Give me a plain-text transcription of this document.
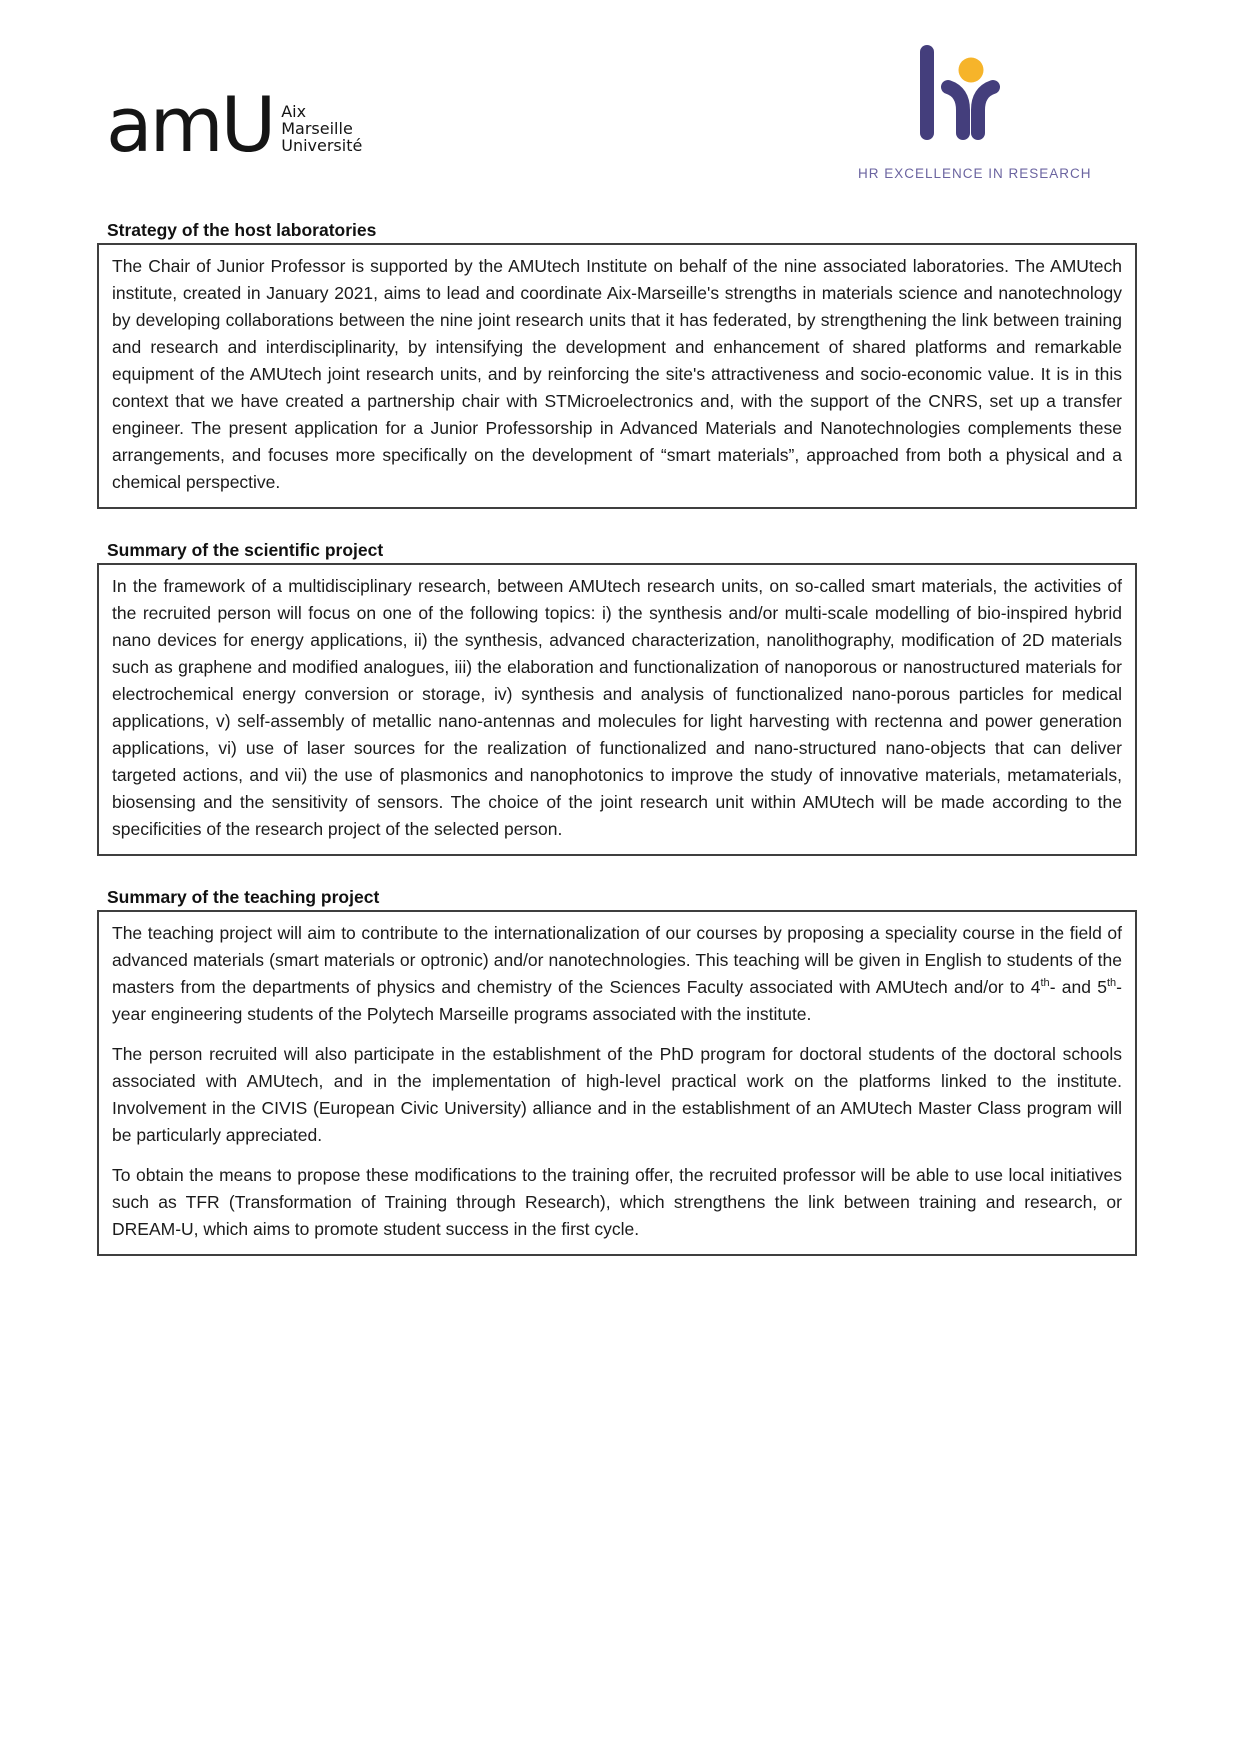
amU Aix
Marseille
Université
HR EXCELLENCE IN RESEARCH
Strategy of the host laboratories

The Chair of Junior Professor is supported by the AMUtech Institute on behalf of the nine associated laboratories. The AMUtech institute, created in January 2021, aims to lead and coordinate Aix-Marseille's strengths in materials science and nanotechnology by developing collaborations between the nine joint research units that it has federated, by strengthening the link between training and research and interdisciplinarity, by intensifying the development and enhancement of shared platforms and remarkable equipment of the AMUtech joint research units, and by reinforcing the site's attractiveness and socio-economic value. It is in this context that we have created a partnership chair with STMicroelectronics and, with the support of the CNRS, set up a transfer engineer. The present application for a Junior Professorship in Advanced Materials and Nanotechnologies complements these arrangements, and focuses more specifically on the development of “smart materials”, approached from both a physical and a chemical perspective.

Summary of the scientific project

In the framework of a multidisciplinary research, between AMUtech research units, on so-called smart materials, the activities of the recruited person will focus on one of the following topics: i) the synthesis and/or multi-scale modelling of bio-inspired hybrid nano devices for energy applications, ii) the synthesis, advanced characterization, nanolithography, modification of 2D materials such as graphene and modified analogues, iii) the elaboration and functionalization of nanoporous or nanostructured materials for electrochemical energy conversion or storage, iv) synthesis and analysis of functionalized nano-porous particles for medical applications, v) self-assembly of metallic nano-antennas and molecules for light harvesting with rectenna and power generation applications, vi) use of laser sources for the realization of functionalized and nano-structured nano-objects that can deliver targeted actions, and vii) the use of plasmonics and nanophotonics to improve the study of innovative materials, metamaterials, biosensing and the sensitivity of sensors. The choice of the joint research unit within AMUtech will be made according to the specificities of the research project of the selected person.

Summary of the teaching project

The teaching project will aim to contribute to the internationalization of our courses by proposing a speciality course in the field of advanced materials (smart materials or optronic) and/or nanotechnologies. This teaching will be given in English to students of the masters from the departments of physics and chemistry of the Sciences Faculty associated with AMUtech and/or to 4th- and 5th-year engineering students of the Polytech Marseille programs associated with the institute.

The person recruited will also participate in the establishment of the PhD program for doctoral students of the doctoral schools associated with AMUtech, and in the implementation of high-level practical work on the platforms linked to the institute. Involvement in the CIVIS (European Civic University) alliance and in the establishment of an AMUtech Master Class program will be particularly appreciated.

To obtain the means to propose these modifications to the training offer, the recruited professor will be able to use local initiatives such as TFR (Transformation of Training through Research), which strengthens the link between training and research, or DREAM-U, which aims to promote student success in the first cycle.
